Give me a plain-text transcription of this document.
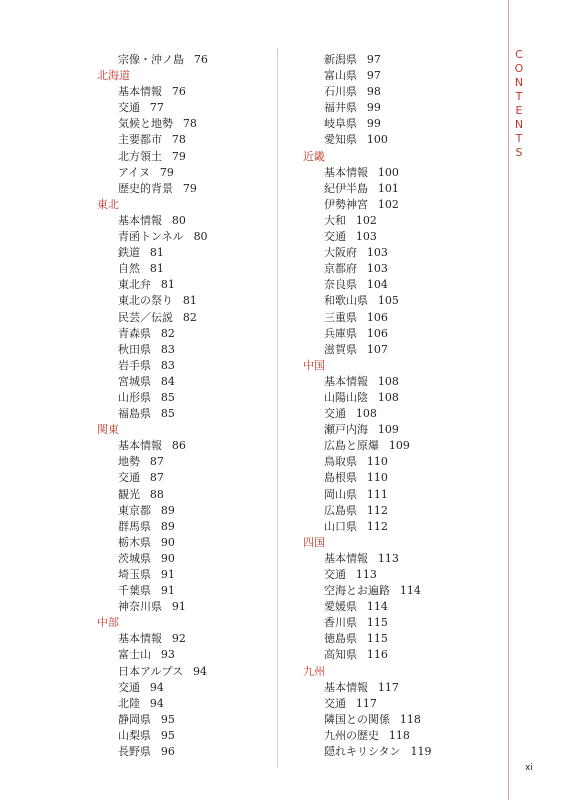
宗像・沖ノ島 76
北海道
基本情報 76
交通 77
気候と地勢 78
主要都市 78
北方領土 79
アイヌ 79
歴史的背景 79
東北
基本情報 80
青函トンネル 80
鉄道 81
自然 81
東北弁 81
東北の祭り 81
民芸／伝説 82
青森県 82
秋田県 83
岩手県 83
宮城県 84
山形県 85
福島県 85
関東
基本情報 86
地勢 87
交通 87
観光 88
東京都 89
群馬県 89
栃木県 90
茨城県 90
埼玉県 91
千葉県 91
神奈川県 91
中部
基本情報 92
富士山 93
日本アルプス 94
交通 94
北陸 94
静岡県 95
山梨県 95
長野県 96
新潟県 97
富山県 97
石川県 98
福井県 99
岐阜県 99
愛知県 100
近畿
基本情報 100
紀伊半島 101
伊勢神宮 102
大和 102
交通 103
大阪府 103
京都府 103
奈良県 104
和歌山県 105
三重県 106
兵庫県 106
滋賀県 107
中国
基本情報 108
山陽山陰 108
交通 108
瀬戸内海 109
広島と原爆 109
鳥取県 110
島根県 110
岡山県 111
広島県 112
山口県 112
四国
基本情報 113
交通 113
空海とお遍路 114
愛媛県 114
香川県 115
徳島県 115
高知県 116
九州
基本情報 117
交通 117
隣国との関係 118
九州の歴史 118
隠れキリシタン 119
C
O
N
T
E
N
T
S
xi
